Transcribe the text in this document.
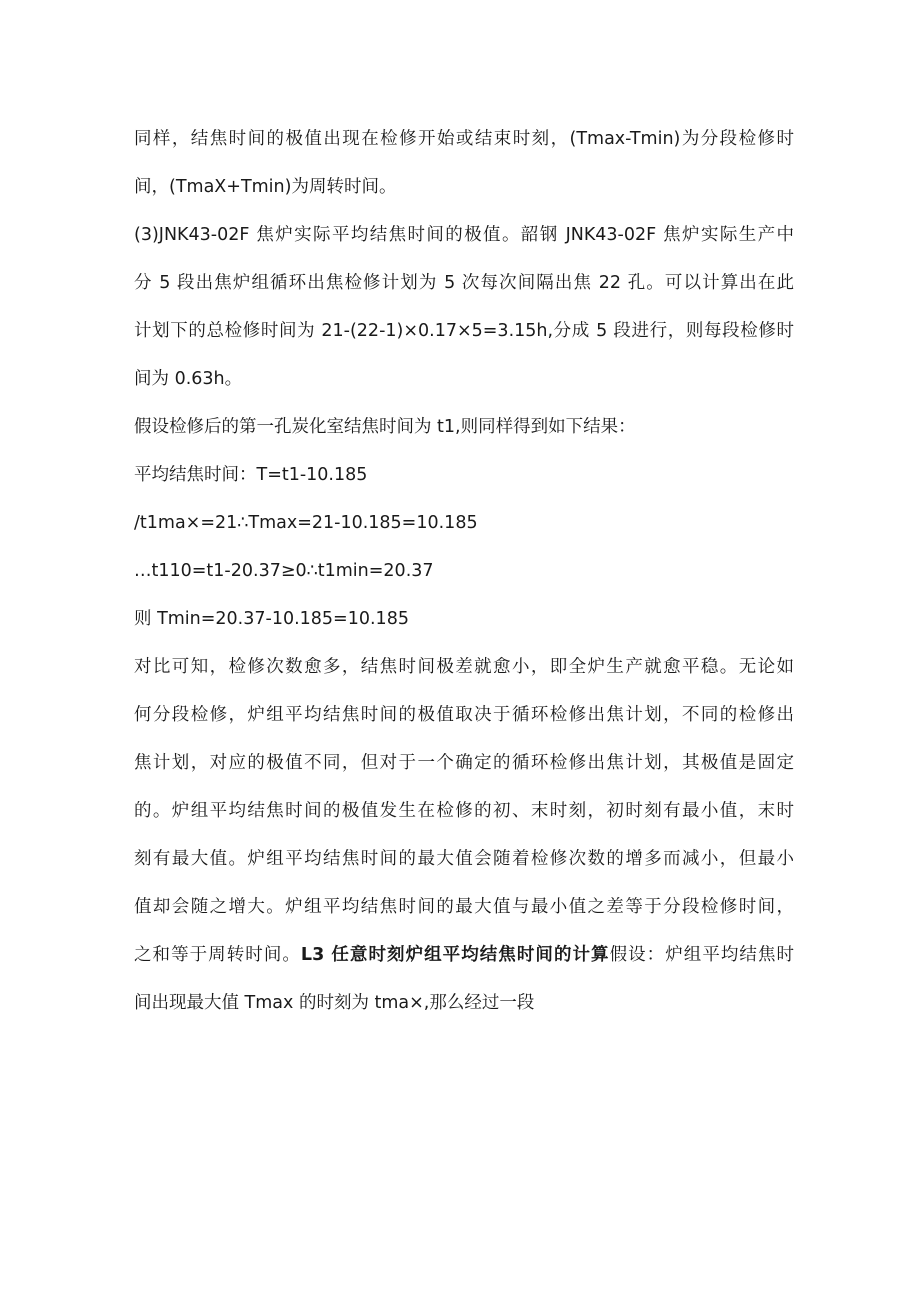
同样，结焦时间的极值出现在检修开始或结束时刻，(Tmax-Tmin)为分段检修时
间，(TmaX+Tmin)为周转时间。
(3)JNK43-02F 焦炉实际平均结焦时间的极值。韶钢 JNK43-02F 焦炉实际生产中
分 5 段出焦炉组循环出焦检修计划为 5 次每次间隔出焦 22 孔。可以计算出在此
计划下的总检修时间为 21-(22-1)×0.17×5=3.15h,分成 5 段进行，则每段检修时
间为 0.63h。
假设检修后的第一孔炭化室结焦时间为 t1,则同样得到如下结果：
平均结焦时间：T=t1-10.185
/t1ma×=21∴Tmax=21-10.185=10.185
…t110=t1-20.37≥0∴t1min=20.37
则 Tmin=20.37-10.185=10.185
对比可知，检修次数愈多，结焦时间极差就愈小，即全炉生产就愈平稳。无论如
何分段检修，炉组平均结焦时间的极值取决于循环检修出焦计划，不同的检修出
焦计划，对应的极值不同，但对于一个确定的循环检修出焦计划，其极值是固定
的。炉组平均结焦时间的极值发生在检修的初、末时刻，初时刻有最小值，末时
刻有最大值。炉组平均结焦时间的最大值会随着检修次数的增多而减小，但最小
值却会随之增大。炉组平均结焦时间的最大值与最小值之差等于分段检修时间，
之和等于周转时间。L3 任意时刻炉组平均结焦时间的计算假设：炉组平均结焦时
间出现最大值 Tmax 的时刻为 tma×,那么经过一段
